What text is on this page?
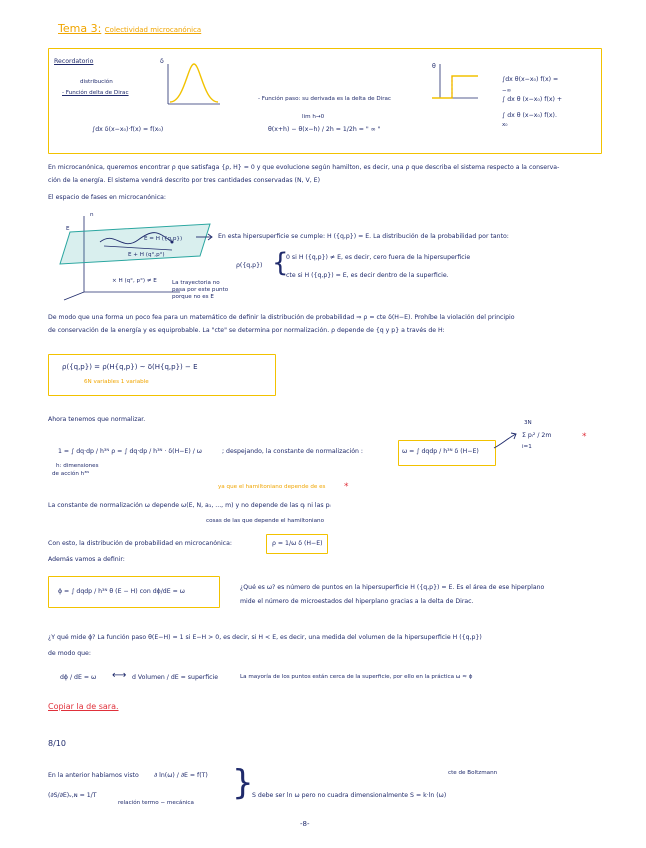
Tema 3: Colectividad microcanónica
Recordatorio
distribución
- Función delta de Dirac
δ
- Función paso: su derivada es la delta de Dirac
θ
∫dx θ(x−x₀) f(x) =
−∞
∫ dx θ (x−x₀) f(x) +
∫ dx θ (x−x₀) f(x).
x₀
∫dx δ(x−x₀)·f(x) = f(x₀)
lim h→0
θ(x+h) − θ(x−h) / 2h = 1/2h = " ∞ "
En microcanónica, queremos encontrar ρ que satisfaga {ρ, H} = 0 y que evolucione según hamilton, es decir, una ρ que describa el sistema respecto a la conserva-
ción de la energía. El sistema vendrá descrito por tres cantidades conservadas (N, V, E)
El espacio de fases en microcanónica:
n
E
E = H ({q,p})
E + H (q°,p°)
× H (q°, p°) ≠ E	La trayectoria no
pasa por este punto
porque no es E
En esta hipersuperficie se cumple: H ({q,p}) = E. La distribución de la probabilidad por tanto:
ρ({q,p}) {
0 si H ({q,p}) ≠ E, es decir, cero fuera de la hipersuperficie
cte si H ({q,p}) = E, es decir dentro de la superficie.
De modo que una forma un poco fea para un matemático de definir la distribución de probabilidad ⇒ ρ = cte δ(H−E). Prohíbe la violación del principio
de conservación de la energía y es equiprobable. La "cte" se determina por normalización. ρ depende de {q y p} a través de H:
ρ({q,p}) = ρ(H{q,p}) ~ δ(H{q,p}) − E
6N variables 1 variable
Ahora tenemos que normalizar.
1 = ∫ dq·dp / h³ᴺ ρ = ∫ dq·dp / h³ᴺ · δ(H−E) / ω
h: dimensiones
de acción h³ᴺ
; despejando, la constante de normalización :	ω = ∫ dqdp / h³ᴺ δ (H−E)
3N
Σ pᵢ² / 2m
i=1
*
ya que el hamiltoniano depende de es *
La constante de normalización ω depende ω(E, N, a₁, ..., m) y no depende de las qᵢ ni las pᵢ
cosas de las que depende el hamiltoniano
Con esto, la distribución de probabilidad en microcanónica:	ρ = 1/ω δ (H−E)
Además vamos a definir:
ϕ = ∫ dqdp / h³ᴺ θ (E − H) con dϕ/dE = ω
¿Qué es ω? es número de puntos en la hipersuperficie H ({q,p}) = E. Es el área de ese hiperplano
mide el número de microestados del hiperplano gracias a la delta de Dirac.
¿Y qué mide ϕ? La función paso θ(E−H) = 1 si E−H > 0, es decir, si H < E, es decir, una medida del volumen de la hipersuperficie H ({q,p})
de modo que:
dϕ / dE = ω ⟷ d Volumen / dE = superficie	La mayoría de los puntos están cerca de la superficie, por ello en la práctica ω ≈ ϕ
Copiar la de sara.
8/10
En la anterior habíamos visto ∂ ln(ω) / ∂E = f(T)
(∂S/∂E)ᵥ,ɴ = 1/T
relación termo − mecánica }
S debe ser ln ω pero no cuadra dimensionalmente S = k·ln (ω)
cte de Boltzmann
-8-
